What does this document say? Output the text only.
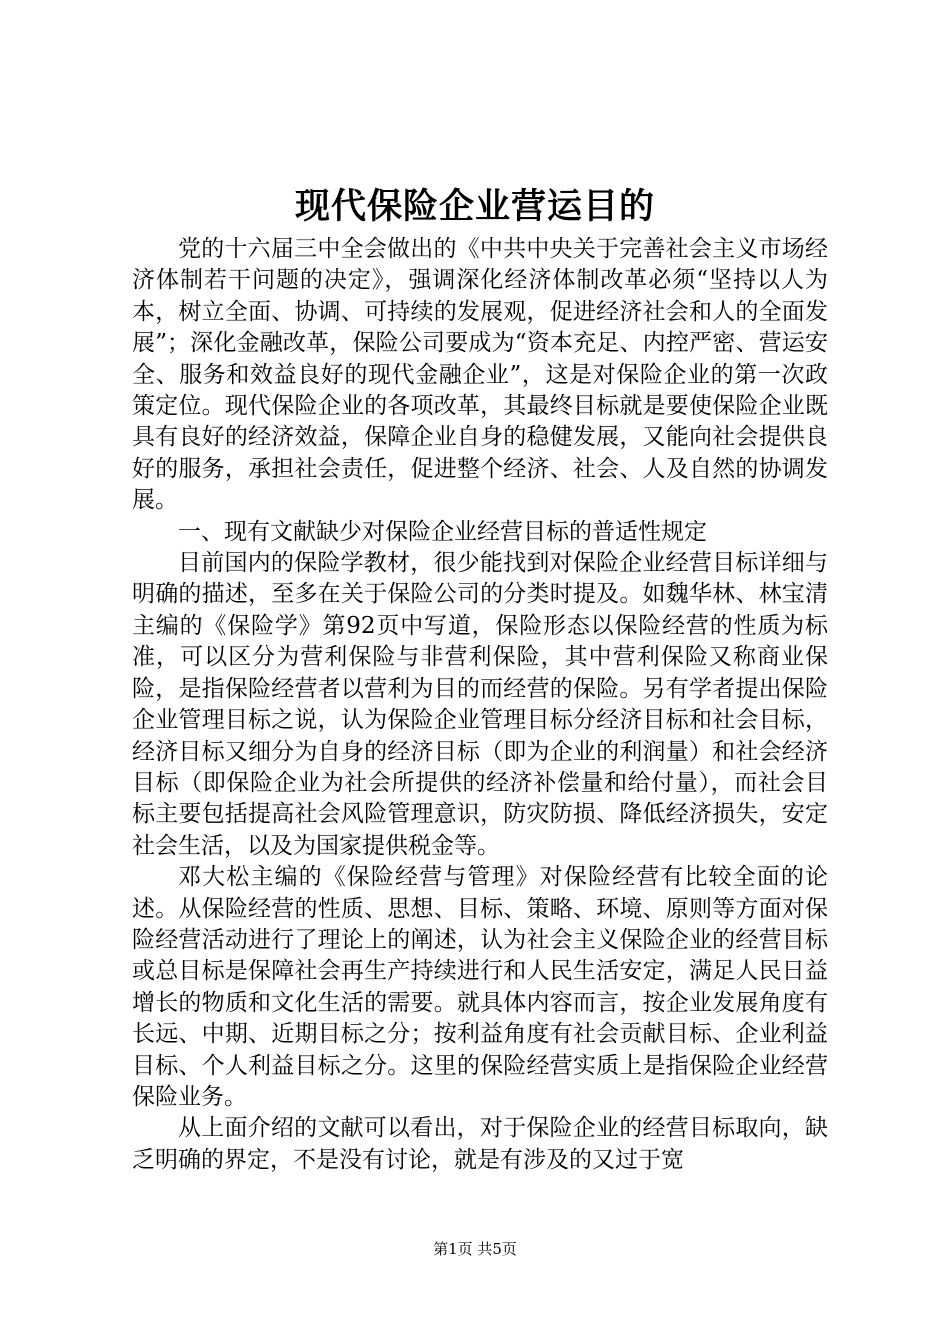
现代保险企业营运目的

党的十六届三中全会做出的《中共中央关于完善社会主义市场经济体制若干问题的决定》，强调深化经济体制改革必须“坚持以人为本，树立全面、协调、可持续的发展观，促进经济社会和人的全面发展”；深化金融改革，保险公司要成为“资本充足、内控严密、营运安全、服务和效益良好的现代金融企业”，这是对保险企业的第一次政策定位。现代保险企业的各项改革，其最终目标就是要使保险企业既具有良好的经济效益，保障企业自身的稳健发展，又能向社会提供良好的服务，承担社会责任，促进整个经济、社会、人及自然的协调发展。

一、现有文献缺少对保险企业经营目标的普适性规定

目前国内的保险学教材，很少能找到对保险企业经营目标详细与明确的描述，至多在关于保险公司的分类时提及。如魏华林、林宝清主编的《保险学》第92页中写道，保险形态以保险经营的性质为标准，可以区分为营利保险与非营利保险，其中营利保险又称商业保险，是指保险经营者以营利为目的而经营的保险。另有学者提出保险企业管理目标之说，认为保险企业管理目标分经济目标和社会目标，经济目标又细分为自身的经济目标（即为企业的利润量）和社会经济目标（即保险企业为社会所提供的经济补偿量和给付量），而社会目标主要包括提高社会风险管理意识，防灾防损、降低经济损失，安定社会生活，以及为国家提供税金等。

邓大松主编的《保险经营与管理》对保险经营有比较全面的论述。从保险经营的性质、思想、目标、策略、环境、原则等方面对保险经营活动进行了理论上的阐述，认为社会主义保险企业的经营目标或总目标是保障社会再生产持续进行和人民生活安定，满足人民日益增长的物质和文化生活的需要。就具体内容而言，按企业发展角度有长远、中期、近期目标之分；按利益角度有社会贡献目标、企业利益目标、个人利益目标之分。这里的保险经营实质上是指保险企业经营保险业务。

从上面介绍的文献可以看出，对于保险企业的经营目标取向，缺乏明确的界定，不是没有讨论，就是有涉及的又过于宽

第1页 共5页
